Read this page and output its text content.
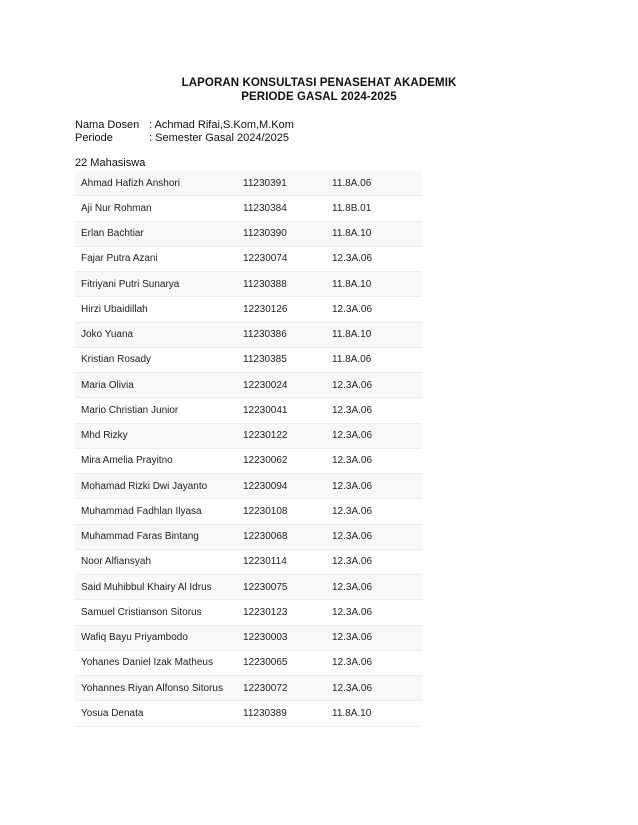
LAPORAN KONSULTASI PENASEHAT AKADEMIK
PERIODE GASAL 2024-2025
Nama Dosen : Achmad Rifai,S.Kom,M.Kom
Periode	: Semester Gasal 2024/2025
22 Mahasiswa
Ahmad Hafizh Anshori	11230391	11.8A.06
Aji Nur Rohman	11230384	11.8B.01
Erlan Bachtiar	11230390	11.8A.10
Fajar Putra Azani	12230074	12.3A.06
Fitriyani Putri Sunarya	11230388	11.8A.10
Hirzi Ubaidillah	12230126	12.3A.06
Joko Yuana	11230386	11.8A.10
Kristian Rosady	11230385	11.8A.06
Maria Olivia	12230024	12.3A.06
Mario Christian Junior	12230041	12.3A.06
Mhd Rizky	12230122	12.3A.06
Mira Amelia Prayitno	12230062	12.3A.06
Mohamad Rizki Dwi Jayanto	12230094	12.3A.06
Muhammad Fadhlan Ilyasa	12230108	12.3A.06
Muhammad Faras Bintang	12230068	12.3A.06
Noor Alfiansyah	12230114	12.3A.06
Said Muhibbul Khairy Al Idrus	12230075	12.3A.06
Samuel Cristianson Sitorus	12230123	12.3A.06
Wafiq Bayu Priyambodo	12230003	12.3A.06
Yohanes Daniel Izak Matheus	12230065	12.3A.06
Yohannes Riyan Alfonso Sitorus	12230072	12.3A.06
Yosua Denata	11230389	11.8A.10
